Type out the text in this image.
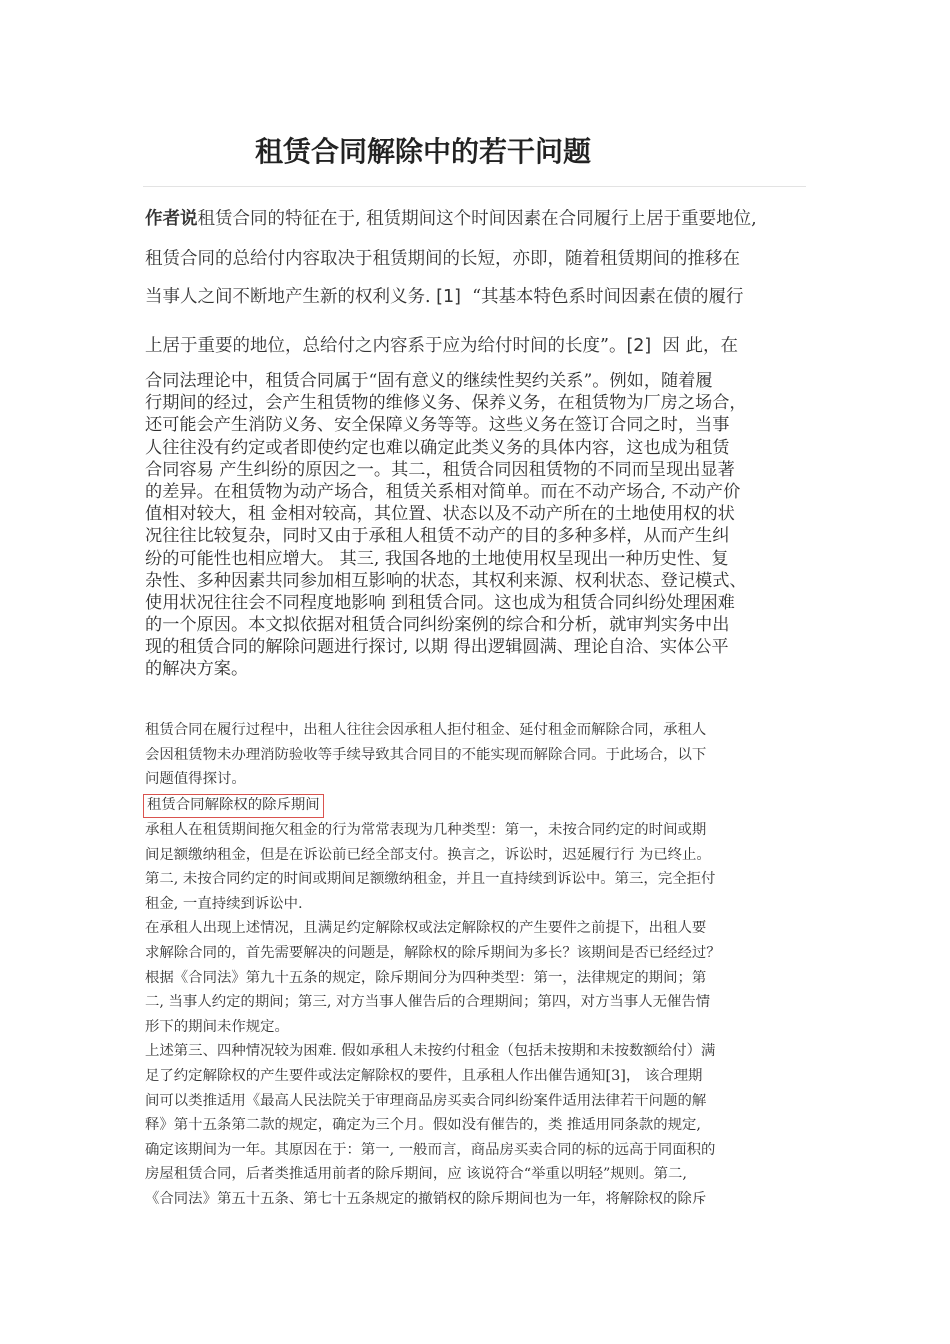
租赁合同解除中的若干问题
作者说租赁合同的特征在于, 租赁期间这个时间因素在合同履行上居于重要地位,
租赁合同的总给付内容取决于租赁期间的长短，亦即，随着租赁期间的推移在
当事人之间不断地产生新的权利义务. [1] “其基本特色系时间因素在债的履行
上居于重要的地位，总给付之内容系于应为给付时间的长度”。[2] 因 此，在
合同法理论中，租赁合同属于“固有意义的继续性契约关系”。例如，随着履
行期间的经过，会产生租赁物的维修义务、保养义务，在租赁物为厂房之场合，
还可能会产生消防义务、安全保障义务等等。这些义务在签订合同之时，当事
人往往没有约定或者即使约定也难以确定此类义务的具体内容，这也成为租赁
合同容易 产生纠纷的原因之一。其二，租赁合同因租赁物的不同而呈现出显著
的差异。在租赁物为动产场合，租赁关系相对简单。而在不动产场合, 不动产价
值相对较大，租 金相对较高，其位置、状态以及不动产所在的土地使用权的状
况往往比较复杂，同时又由于承租人租赁不动产的目的多种多样，从而产生纠
纷的可能性也相应增大。 其三, 我国各地的土地使用权呈现出一种历史性、复
杂性、多种因素共同参加相互影响的状态，其权利来源、权利状态、登记模式、
使用状况往往会不同程度地影响 到租赁合同。这也成为租赁合同纠纷处理困难
的一个原因。本文拟依据对租赁合同纠纷案例的综合和分析，就审判实务中出
现的租赁合同的解除问题进行探讨, 以期 得出逻辑圆满、理论自洽、实体公平
的解决方案。
租赁合同在履行过程中，出租人往往会因承租人拒付租金、延付租金而解除合同，承租人
会因租赁物未办理消防验收等手续导致其合同目的不能实现而解除合同。于此场合，以下
问题值得探讨。
租赁合同解除权的除斥期间
承租人在租赁期间拖欠租金的行为常常表现为几种类型：第一，未按合同约定的时间或期
间足额缴纳租金，但是在诉讼前已经全部支付。换言之，诉讼时，迟延履行行 为已终止。
第二, 未按合同约定的时间或期间足额缴纳租金，并且一直持续到诉讼中。第三，完全拒付
租金, 一直持续到诉讼中.
在承租人出现上述情况，且满足约定解除权或法定解除权的产生要件之前提下，出租人要
求解除合同的，首先需要解决的问题是，解除权的除斥期间为多长？该期间是否已经经过？
根据《合同法》第九十五条的规定，除斥期间分为四种类型：第一，法律规定的期间；第
二, 当事人约定的期间；第三, 对方当事人催告后的合理期间；第四，对方当事人无催告情
形下的期间未作规定。
上述第三、四种情况较为困难. 假如承租人未按约付租金（包括未按期和未按数额给付）满
足了约定解除权的产生要件或法定解除权的要件，且承租人作出催告通知[3]， 该合理期
间可以类推适用《最高人民法院关于审理商品房买卖合同纠纷案件适用法律若干问题的解
释》第十五条第二款的规定，确定为三个月。假如没有催告的，类 推适用同条款的规定,
确定该期间为一年。其原因在于：第一, 一般而言，商品房买卖合同的标的远高于同面积的
房屋租赁合同，后者类推适用前者的除斥期间，应 该说符合“举重以明轻”规则。第二,
《合同法》第五十五条、第七十五条规定的撤销权的除斥期间也为一年，将解除权的除斥
